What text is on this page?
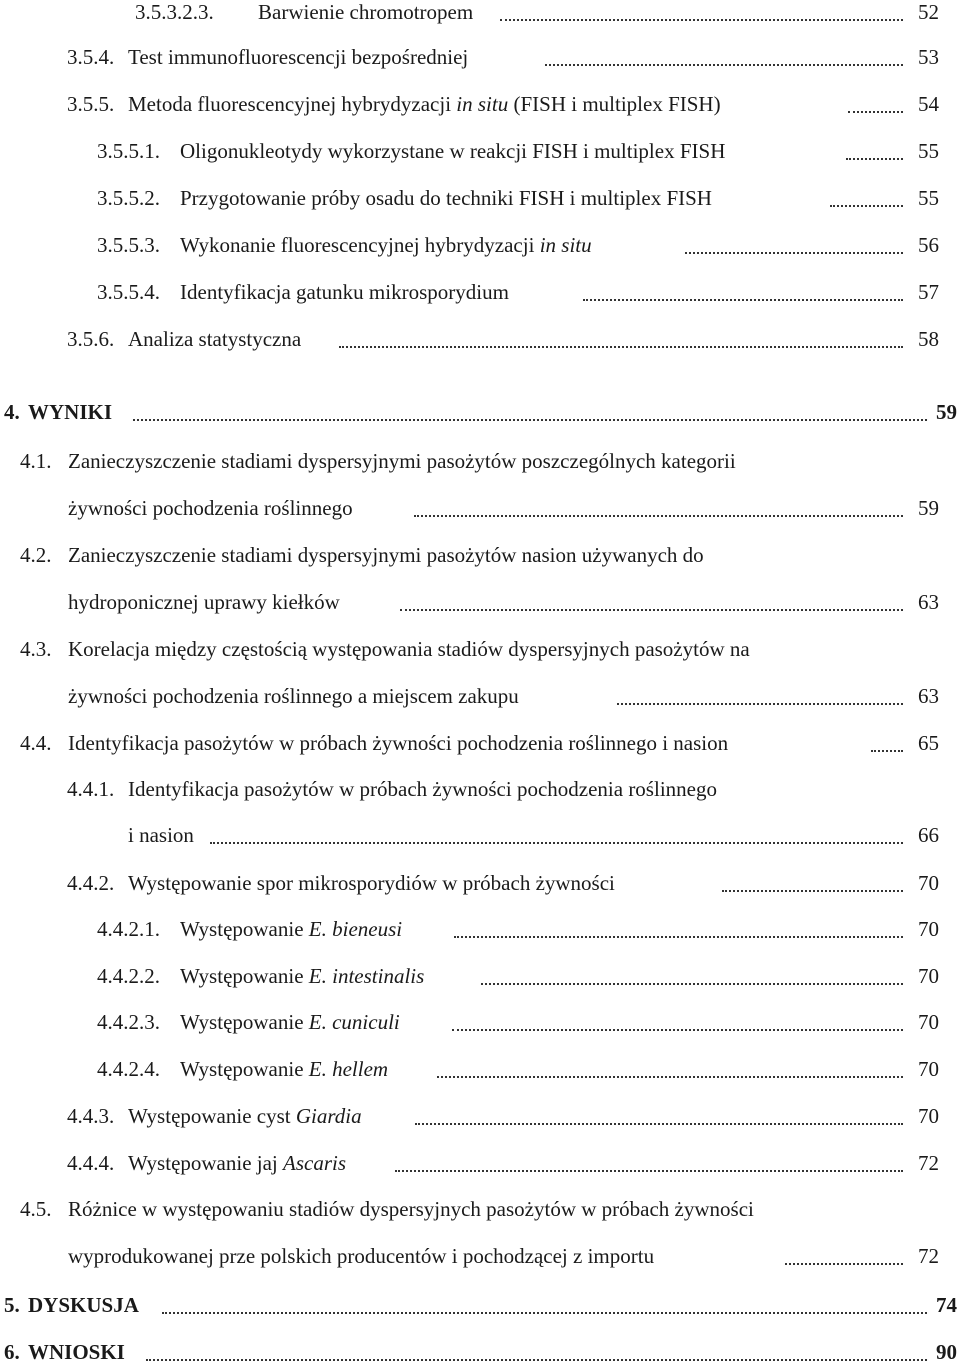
3.5.3.2.3. Barwienie chromotropem	52
3.5.4. Test immunofluorescencji bezpośredniej	53
3.5.5. Metoda fluorescencyjnej hybrydyzacji in situ (FISH i multiplex FISH)	54
3.5.5.1. Oligonukleotydy wykorzystane w reakcji FISH i multiplex FISH	55
3.5.5.2. Przygotowanie próby osadu do techniki FISH i multiplex FISH	55
3.5.5.3. Wykonanie fluorescencyjnej hybrydyzacji in situ	56
3.5.5.4. Identyfikacja gatunku mikrosporydium	57
3.5.6. Analiza statystyczna	58
4. WYNIKI	59
4.1. Zanieczyszczenie stadiami dyspersyjnymi pasożytów poszczególnych kategorii
żywności pochodzenia roślinnego	59
4.2. Zanieczyszczenie stadiami dyspersyjnymi pasożytów nasion używanych do
hydroponicznej uprawy kiełków	63
4.3. Korelacja między częstością występowania stadiów dyspersyjnych pasożytów na
żywności pochodzenia roślinnego a miejscem zakupu	63
4.4. Identyfikacja pasożytów w próbach żywności pochodzenia roślinnego i nasion	65
4.4.1. Identyfikacja pasożytów w próbach żywności pochodzenia roślinnego
i nasion	66
4.4.2. Występowanie spor mikrosporydiów w próbach żywności	70
4.4.2.1. Występowanie E. bieneusi	70
4.4.2.2. Występowanie E. intestinalis	70
4.4.2.3. Występowanie E. cuniculi	70
4.4.2.4. Występowanie E. hellem	70
4.4.3. Występowanie cyst Giardia	70
4.4.4. Występowanie jaj Ascaris	72
4.5. Różnice w występowaniu stadiów dyspersyjnych pasożytów w próbach żywności
wyprodukowanej prze polskich producentów i pochodzącej z importu	72
5. DYSKUSJA	74
6. WNIOSKI	90
